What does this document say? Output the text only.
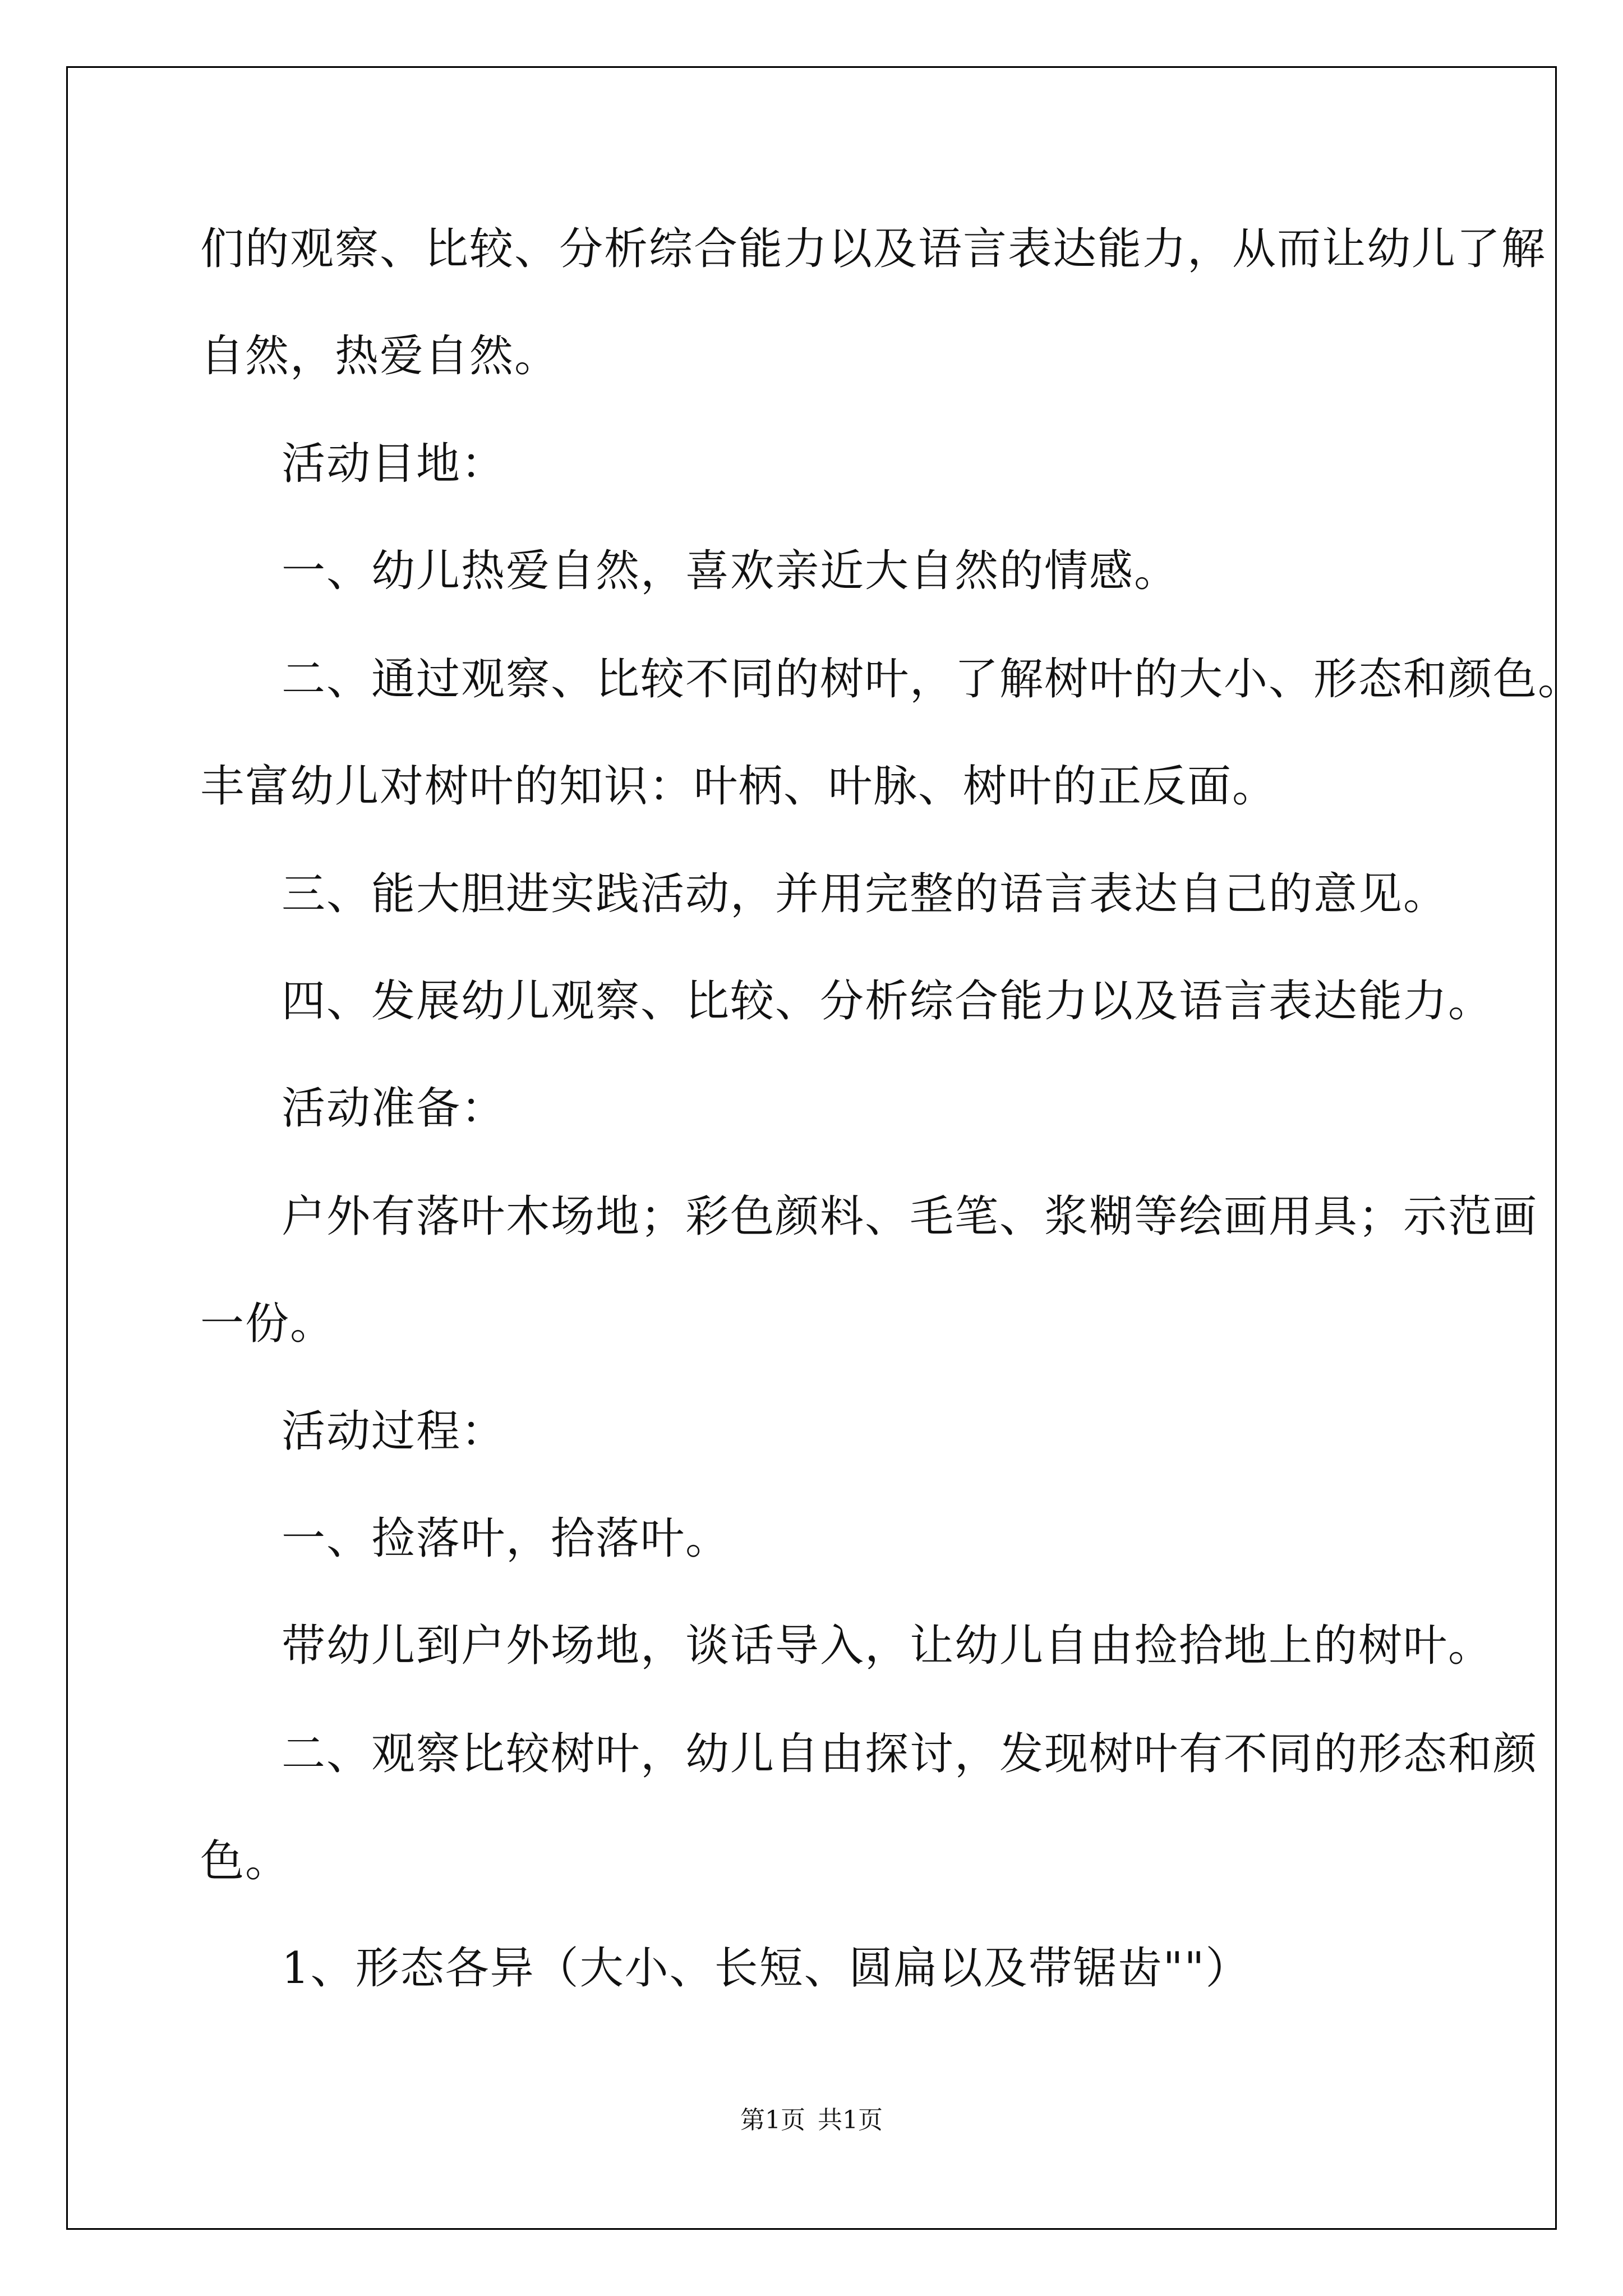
们的观察、比较、分析综合能力以及语言表达能力，从而让幼儿了解

自然，热爱自然。

活动目地：

一、幼儿热爱自然，喜欢亲近大自然的情感。

二、通过观察、比较不同的树叶，了解树叶的大小、形态和颜色。

丰富幼儿对树叶的知识：叶柄、叶脉、树叶的正反面。

三、能大胆进实践活动，并用完整的语言表达自己的意见。

四、发展幼儿观察、比较、分析综合能力以及语言表达能力。

活动准备：

户外有落叶木场地；彩色颜料、毛笔、浆糊等绘画用具；示范画

一份。

活动过程：

一、捡落叶，拾落叶。

带幼儿到户外场地，谈话导入，让幼儿自由捡拾地上的树叶。

二、观察比较树叶，幼儿自由探讨，发现树叶有不同的形态和颜

色。

1、形态各异（大小、长短、圆扁以及带锯齿""）

第1页 共1页
